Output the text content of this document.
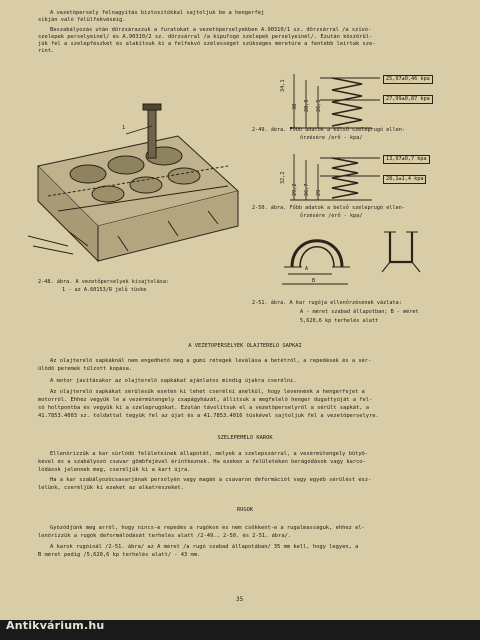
A vezetőpersely felnagyítás biztosítókkal sajtoljuk be a hengerfej
síkján való felülfekvéséig.
Beszabályozás után dörzsárazzuk a furatokat a vezetőperselyekben A.90310/1 sz. dörzsárral /a szívó-
szelepek perselyeinél/ és A.90310/2 sz. dörzsárral /a kipufogó szelepek perselyeinél/. Ezután köszörül-
jük fel a szelepfészket és alakítsuk ki a felfekvő szélességét szükséges méretűre a fentebb leírtak sze-
rint.
1
2-48. ábra. A vezetőperselyek kisajtolása:
1 - az A.60153/R jelű tüske
34,1
38 28,9 26,5
25,97±0,46 kpa
27,99±0,87 kpa
2-49. ábra. Főbb adatok a külső szeleprugó ellen-
őrzésére /erő - kpa/
32,2
29,2 26,7 29
13,97±0,7 kpa
28,1±1,4 kpa
2-50. ábra. Főbb adatok a belső szeleprugó ellen-
őrzésére /erő - kpa/
A
B
2-51. ábra. A kar rugója ellenőrzésének vázlata:
A - méret szabad állapotban; B - méret
5,620,6 kp terhelés alatt
A VEZETŐPERSELYEK OLAJTERELŐ SAPKÁI
Az olajterelő sapkáknál nem engedhető meg a gumi rétegek leválása a betétről, a repedések és a sér-
ülődő peremek túlzott kopása.
A motor javításakor az olajterelő sapkákat ajánlatos mindig újakra cserélni.
Az olajterelő sapkákat sérülésük esetén ki lehet cserélni anélkül, hogy levennénk a hengerfejet a
motorról. Ehhez vegyük le a vezérműtengely csapágyházát, állítsuk a megfelelő henger dugattyúját a fel-
ső holtpontba és vegyük ki a szeleprugókat. Ezután távolítsuk el a vezetőperselyről a sérült sapkát, a
41.7853.4003 sz. toldattal tegyük fel az újat és a 41.7853.4016 tüskével sajtoljuk fel a vezetőperselyre.
SZELEPEMELŐ KAROK
Ellenőrizzük a kar súrlódó felületeinek állapotát, melyek a szelepszárral, a vezérműtengely bütyö-
kével és a szabályozó csavar gömbfejével érintkeznek. Ha ezeken a felületeken berágódások vagy karco-
lódások jelennek meg, cseréljük ki a kart újra.
Ha a kar szabályozócsavarjának persolyén vagy magán a csavaron deformációt vagy egyéb sérülést ész-
lelünk, cseréljük ki ezeket az alkatrészeket.
RUGÓK
Győződjünk meg arról, hogy nincs-e repedés a rugókon és nem csökkent-e a rugalmasságuk, ehhez el-
lenőrizzük a rugók deformálódását terhelés alatt /2-49., 2-50. és 2-51. ábra/.
A karok rugóinál /2-51. ábra/ az A méret /a rugó szabad állapotában/ 35 mm kell, hogy legyen, a
B méret pedig /5,620,6 kp terhelés alatt/ - 43 mm.
35
Antikvárium.hu
